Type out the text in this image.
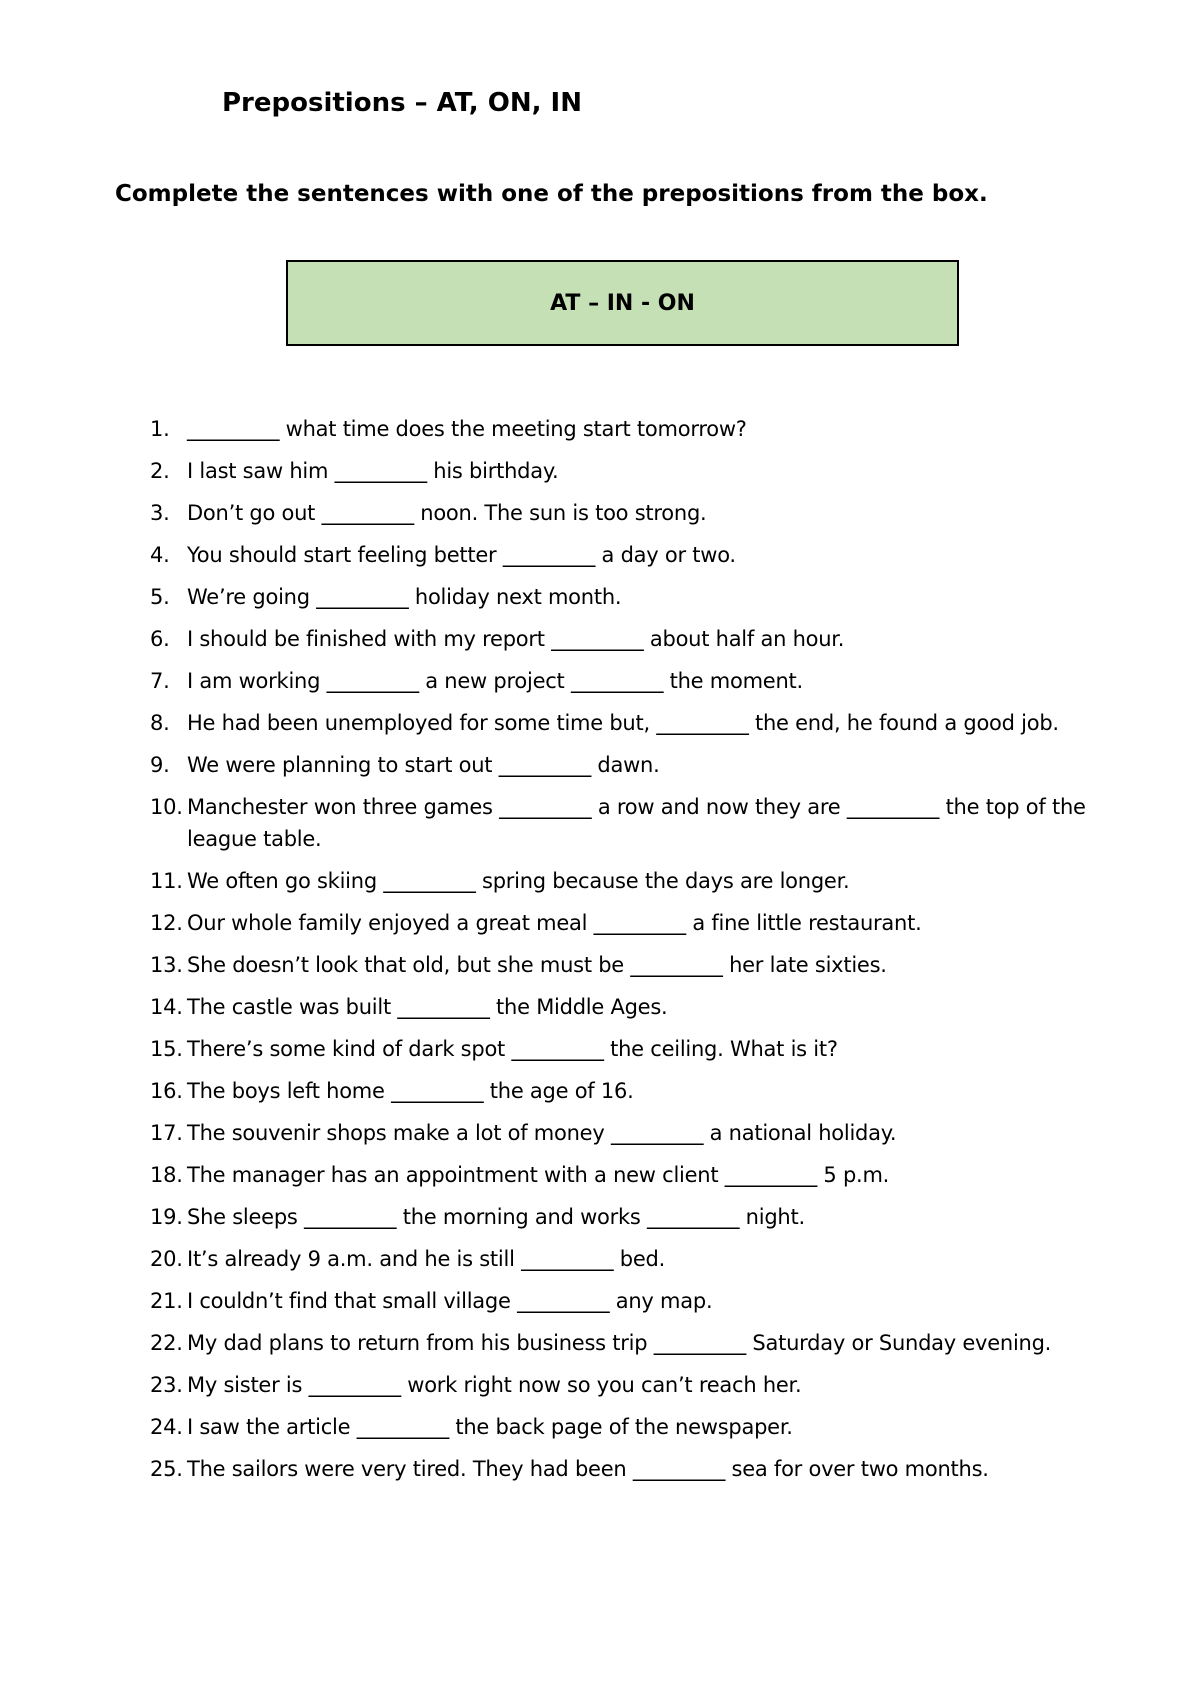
Prepositions – AT, ON, IN
Complete the sentences with one of the prepositions from the box.
AT – IN - ON
1. _________ what time does the meeting start tomorrow?
2. I last saw him _________ his birthday.
3. Don’t go out _________ noon. The sun is too strong.
4. You should start feeling better _________ a day or two.
5. We’re going _________ holiday next month.
6. I should be finished with my report _________ about half an hour.
7. I am working _________ a new project _________ the moment.
8. He had been unemployed for some time but, _________ the end, he found a good job.
9. We were planning to start out _________ dawn.
10. Manchester won three games _________ a row and now they are _________ the top of the league table.
11. We often go skiing _________ spring because the days are longer.
12. Our whole family enjoyed a great meal _________ a fine little restaurant.
13. She doesn’t look that old, but she must be _________ her late sixties.
14. The castle was built _________ the Middle Ages.
15. There’s some kind of dark spot _________ the ceiling. What is it?
16. The boys left home _________ the age of 16.
17. The souvenir shops make a lot of money _________ a national holiday.
18. The manager has an appointment with a new client _________ 5 p.m.
19. She sleeps _________ the morning and works _________ night.
20. It’s already 9 a.m. and he is still _________ bed.
21. I couldn’t find that small village _________ any map.
22. My dad plans to return from his business trip _________ Saturday or Sunday evening.
23. My sister is _________ work right now so you can’t reach her.
24. I saw the article _________ the back page of the newspaper.
25. The sailors were very tired. They had been _________ sea for over two months.
